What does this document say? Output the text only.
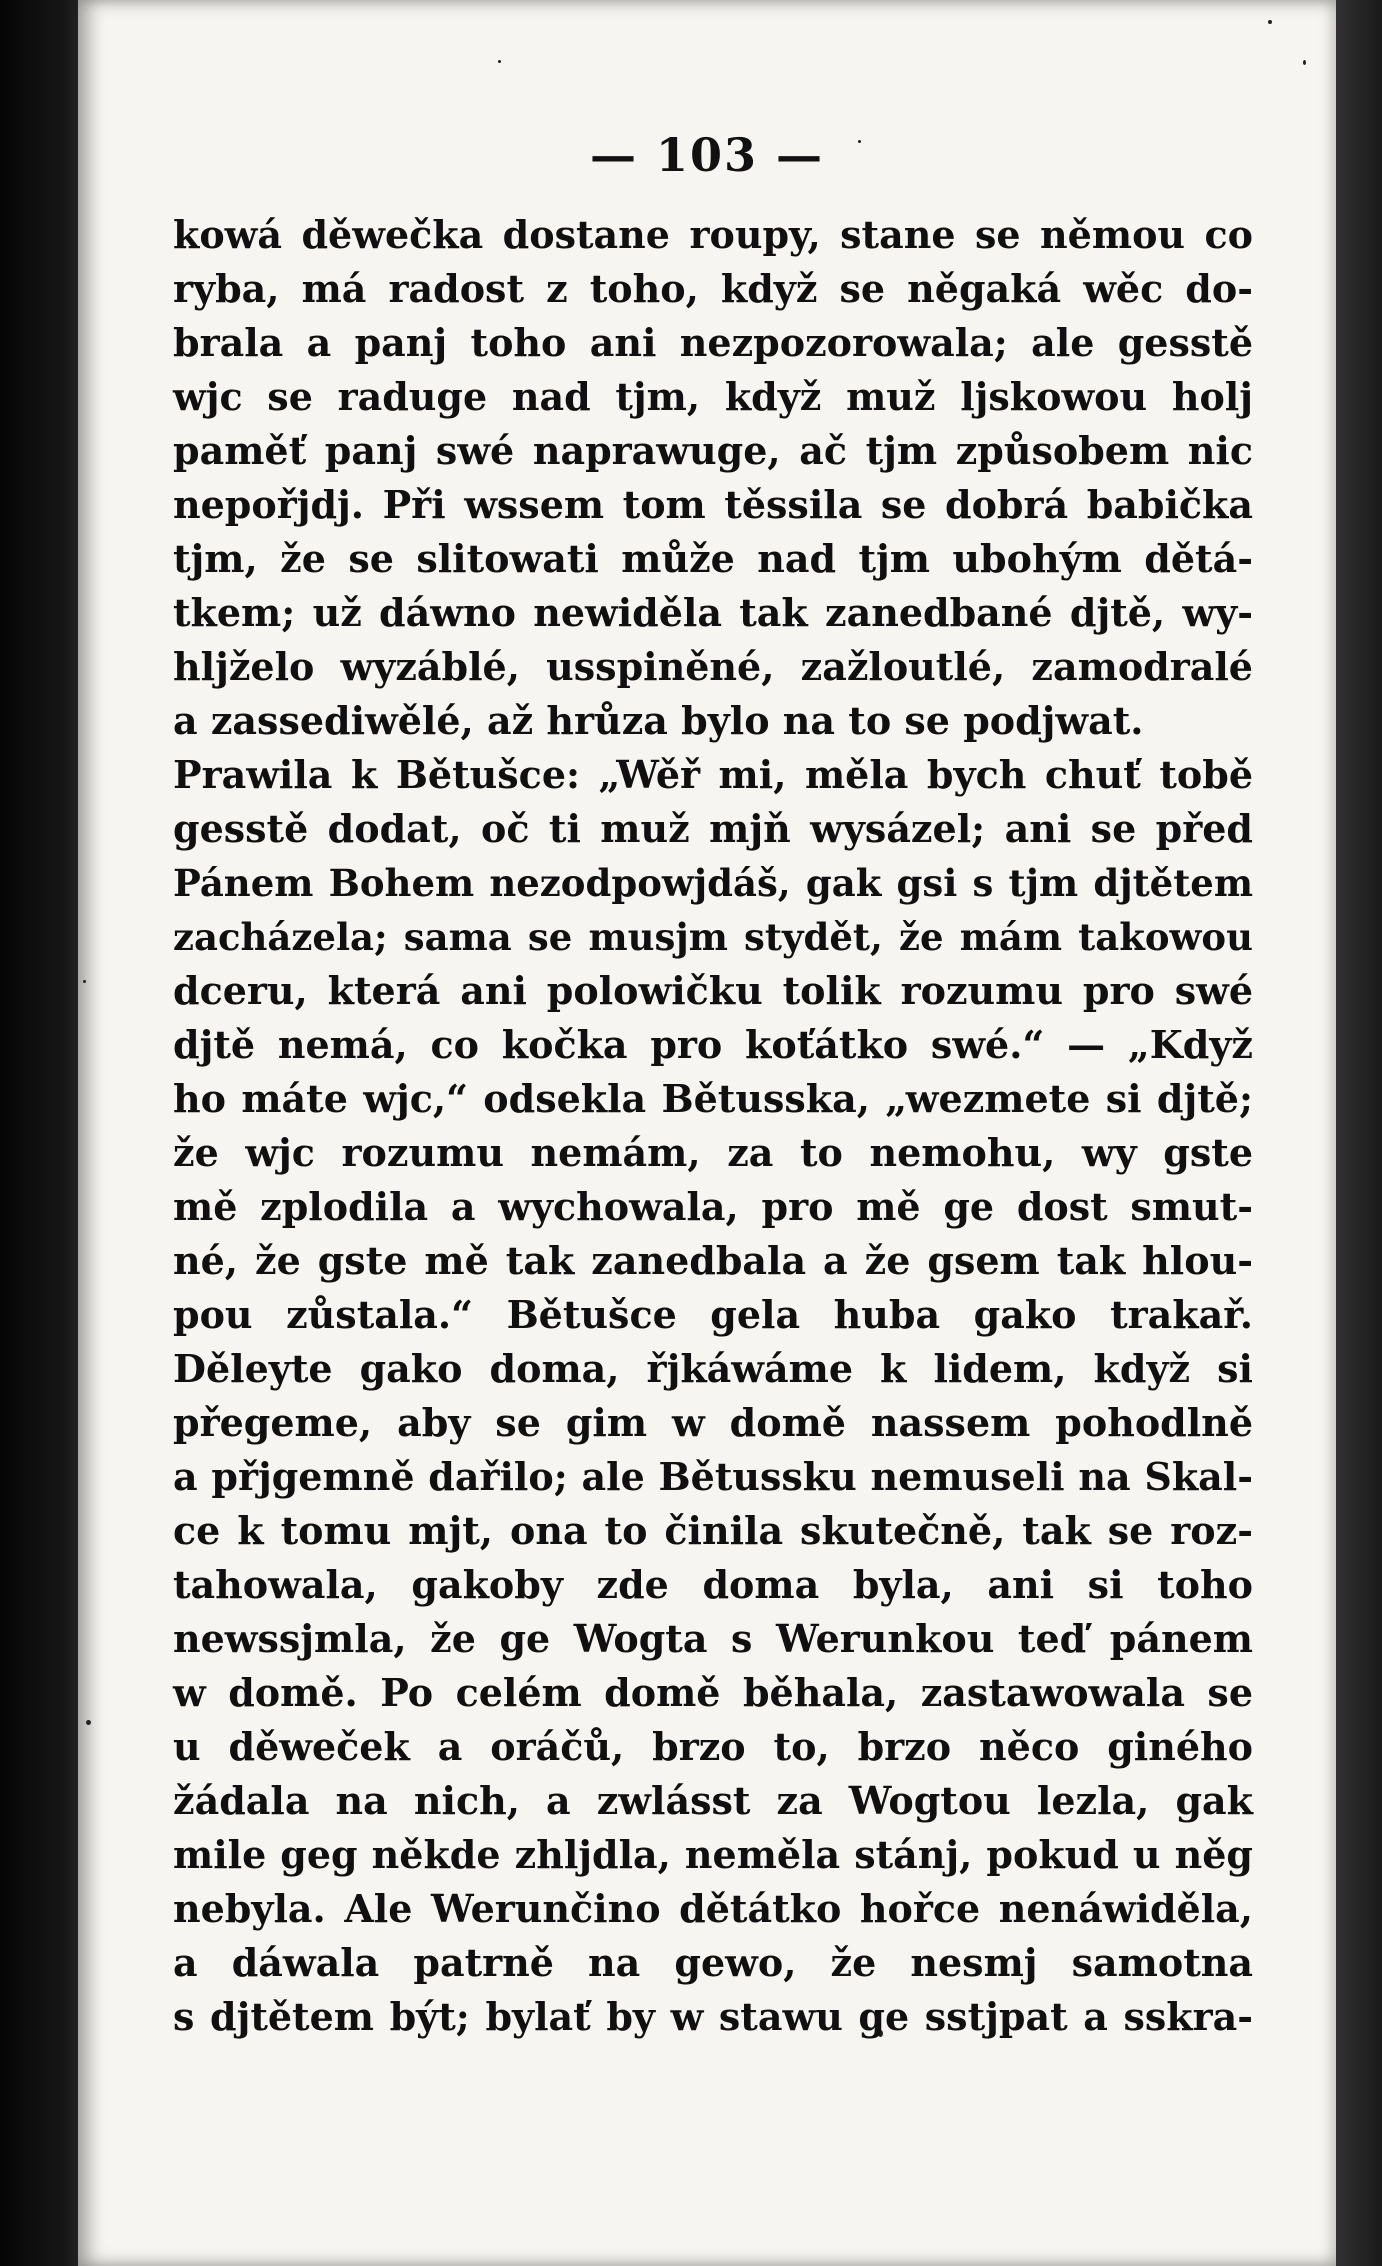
— 103 —
kowá děwečka dostane roupy, stane se němou co
ryba, má radost z toho, když se něgaká wěc do-
brala a panj toho ani nezpozorowala; ale gesstě
wjc se raduge nad tjm, když muž ljskowou holj
paměť panj swé naprawuge, ač tjm způsobem nic
nepořjdj. Při wssem tom těssila se dobrá babička
tjm, že se slitowati může nad tjm ubohým dětá-
tkem; už dáwno newiděla tak zanedbané djtě, wy-
hljželo wyzáblé, usspiněné, zažloutlé, zamodralé
a zassediwělé, až hrůza bylo na to se podjwat.
Prawila k Bětušce: „Wěř mi, měla bych chuť tobě
gesstě dodat, oč ti muž mjň wysázel; ani se před
Pánem Bohem nezodpowjdáš, gak gsi s tjm djtětem
zacházela; sama se musjm stydět, že mám takowou
dceru, která ani polowičku tolik rozumu pro swé
djtě nemá, co kočka pro koťátko swé.“ — „Když
ho máte wjc,“ odsekla Bětusska, „wezmete si djtě;
že wjc rozumu nemám, za to nemohu, wy gste
mě zplodila a wychowala, pro mě ge dost smut-
né, že gste mě tak zanedbala a že gsem tak hlou-
pou zůstala.“ Bětušce gela huba gako trakař.
Děleyte gako doma, řjkáwáme k lidem, když si
přegeme, aby se gim w domě nassem pohodlně
a přjgemně dařilo; ale Bětussku nemuseli na Skal-
ce k tomu mjt, ona to činila skutečně, tak se roz-
tahowala, gakoby zde doma byla, ani si toho
newssjmla, že ge Wogta s Werunkou teď pánem
w domě. Po celém domě běhala, zastawowala se
u děweček a oráčů, brzo to, brzo něco giného
žádala na nich, a zwlásst za Wogtou lezla, gak
mile geg někde zhljdla, neměla stánj, pokud u něg
nebyla. Ale Werunčino dětátko hořce nenáwiděla,
a dáwala patrně na gewo, že nesmj samotna
s djtětem být; bylať by w stawu ge sstjpat a sskra-
